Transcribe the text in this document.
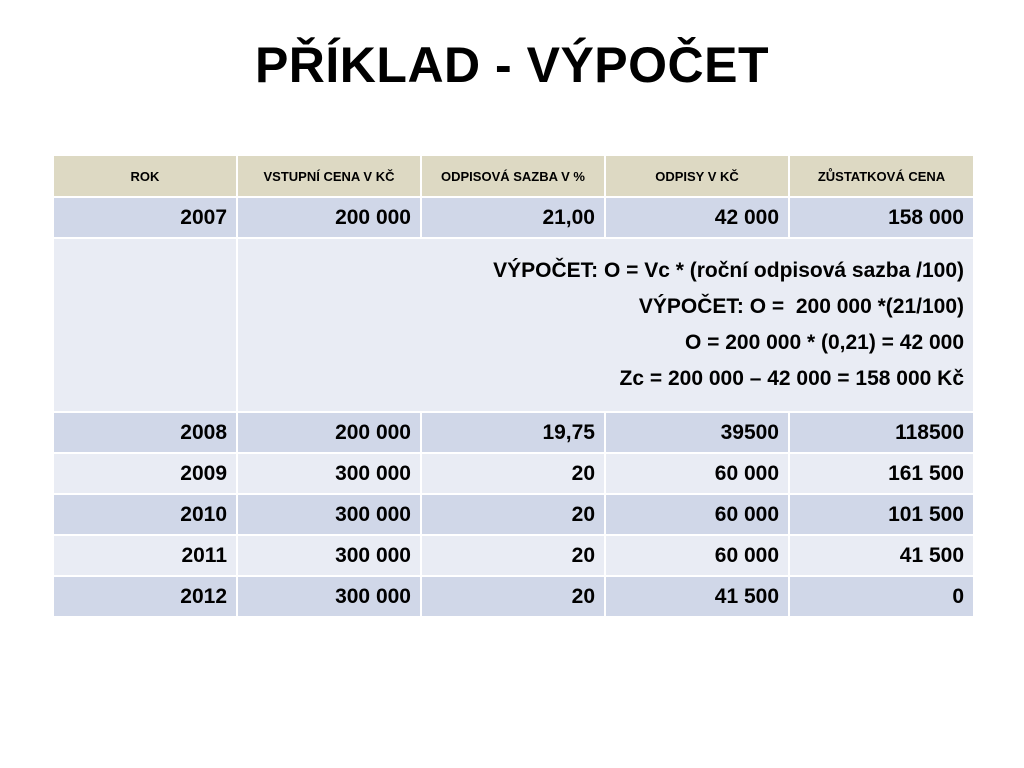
PŘÍKLAD - VÝPOČET
ROK	VSTUPNÍ CENA V KČ	ODPISOVÁ SAZBA V %	ODPISY V KČ	ZŮSTATKOVÁ CENA
2007	200 000	21,00	42 000	158 000

	VÝPOČET: O = Vc * (roční odpisová sazba /100)
VÝPOČET: O =  200 000 *(21/100)
O = 200 000 * (0,21) = 42 000
Zc = 200 000 – 42 000 = 158 000 Kč			

2008	200 000	19,75	39500	118500
2009	300 000	20	60 000	161 500
2010	300 000	20	60 000	101 500
2011	300 000	20	60 000	41 500
2012	300 000	20	41 500	0
